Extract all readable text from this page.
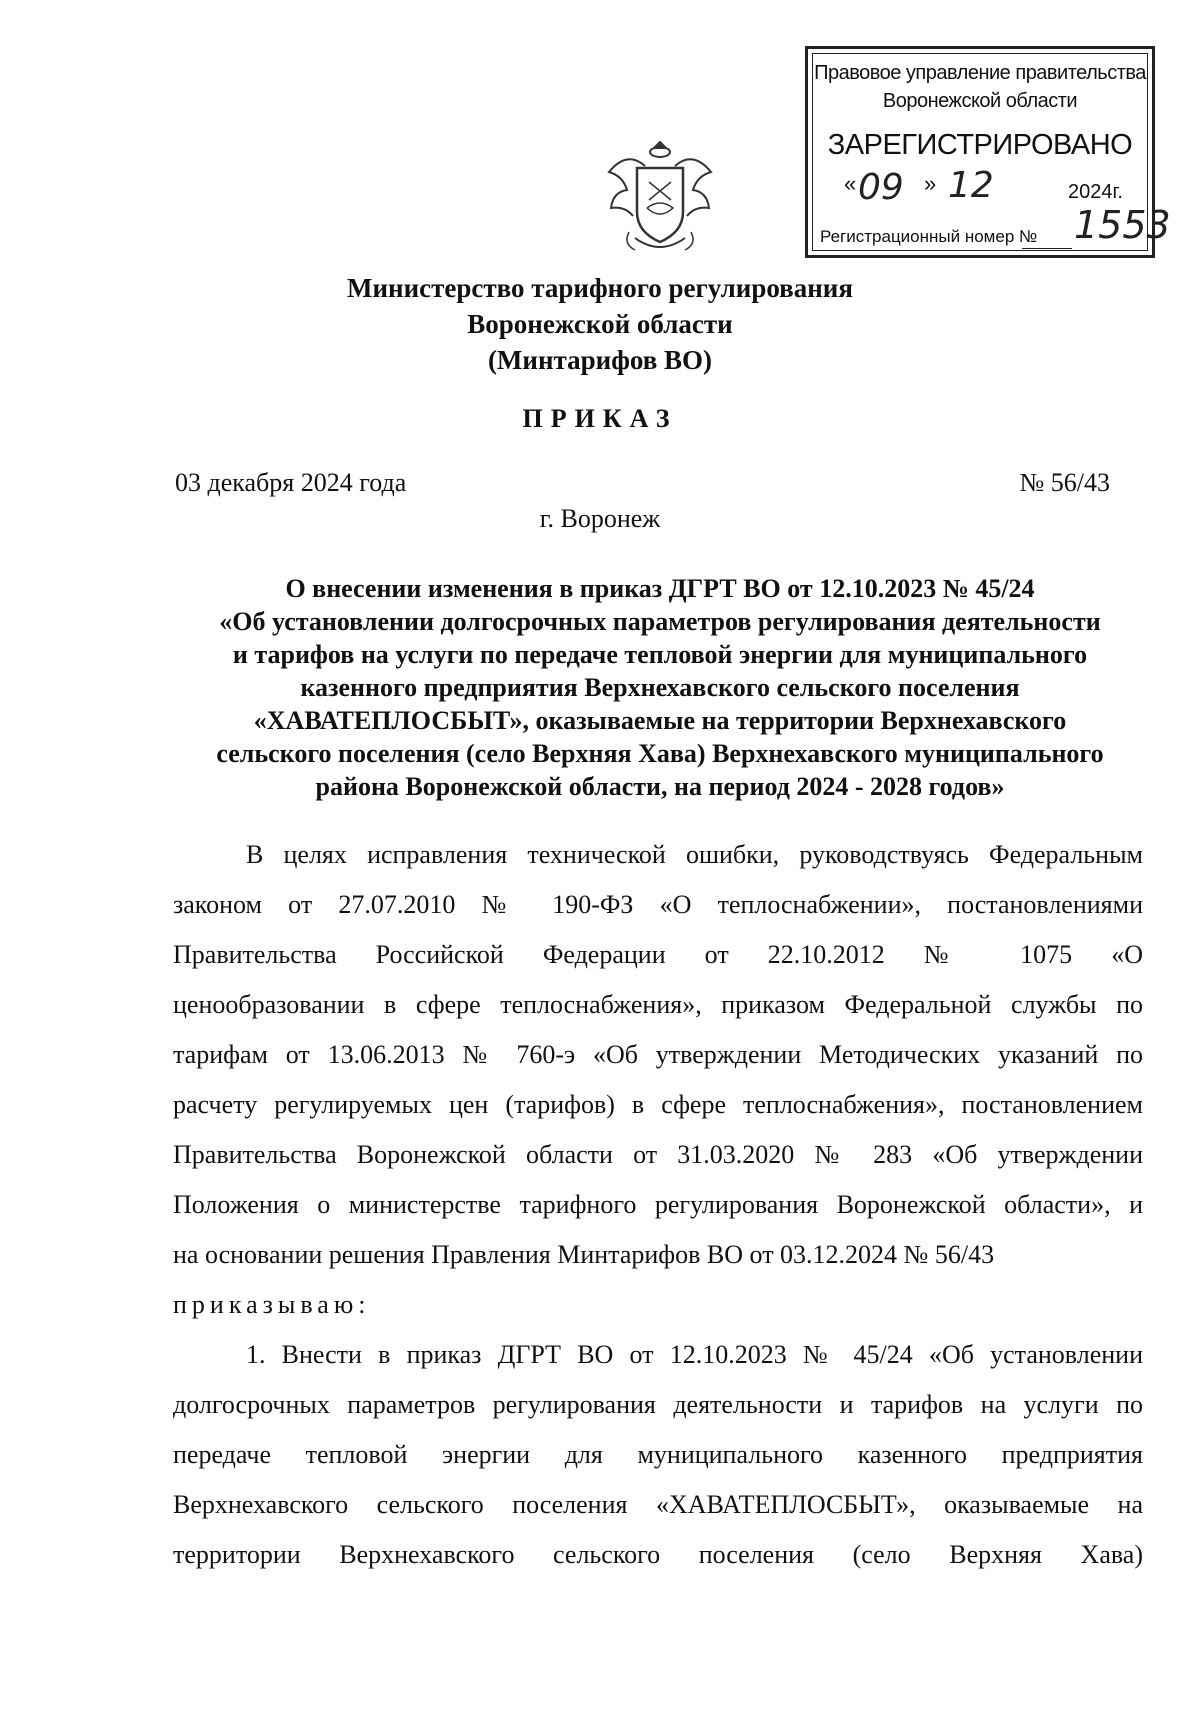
Правовое управление правительства
Воронежской области
ЗАРЕГИСТРИРОВАНО
« 09 » 12	2024г.
Регистрационный номер № 1553
Министерство тарифного регулирования
Воронежской области
(Минтарифов ВО)
ПРИКАЗ
03 декабря 2024 года	№ 56/43
г. Воронеж
О внесении изменения в приказ ДГРТ ВО от 12.10.2023 № 45/24
«Об установлении долгосрочных параметров регулирования деятельности
и тарифов на услуги по передаче тепловой энергии для муниципального
казенного предприятия Верхнехавского сельского поселения
«ХАВАТЕПЛОСБЫТ», оказываемые на территории Верхнехавского
сельского поселения (село Верхняя Хава) Верхнехавского муниципального
района Воронежской области, на период 2024 - 2028 годов»
В целях исправления технической ошибки, руководствуясь Федеральным
законом от 27.07.2010 № 190-ФЗ «О теплоснабжении», постановлениями
Правительства Российской Федерации от 22.10.2012 № 1075 «О
ценообразовании в сфере теплоснабжения», приказом Федеральной службы по
тарифам от 13.06.2013 № 760-э «Об утверждении Методических указаний по
расчету регулируемых цен (тарифов) в сфере теплоснабжения», постановлением
Правительства Воронежской области от 31.03.2020 № 283 «Об утверждении
Положения о министерстве тарифного регулирования Воронежской области», и
на основании решения Правления Минтарифов ВО от 03.12.2024 № 56/43
приказываю:
1. Внести в приказ ДГРТ ВО от 12.10.2023 № 45/24 «Об установлении
долгосрочных параметров регулирования деятельности и тарифов на услуги по
передаче тепловой энергии для муниципального казенного предприятия
Верхнехавского сельского поселения «ХАВАТЕПЛОСБЫТ», оказываемые на
территории Верхнехавского сельского поселения (село Верхняя Хава)
